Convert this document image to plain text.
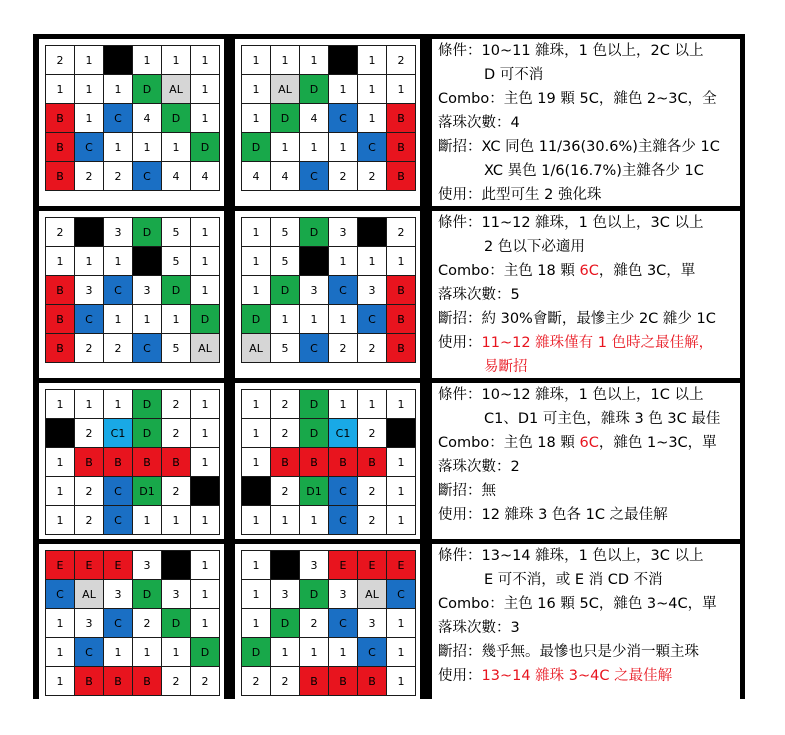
2	1	X	1	1	1
1	1	1	D	AL	1
B	1	C	4	D	1
B	C	1	1	1	D
B	2	2	C	4	4
1	1	1	X	1	2
1	AL	D	1	1	1
1	D	4	C	1	B
D	1	1	1	C	B
4	4	C	2	2	B
條件：10~11 雜珠，1 色以上，2C 以上
D 可不消
Combo：主色 19 顆 5C，雜色 2~3C，全
落珠次數：4
斷招：XC 同色 11/36(30.6%)主雜各少 1C
XC 異色 1/6(16.7%)主雜各少 1C
使用：此型可生 2 強化珠
2	X	3	D	5	1
1	1	1	Y	5	1
B	3	C	3	D	1
B	C	1	1	1	D
B	2	2	C	5	AL
1	5	D	3	X	2
1	5	Y	1	1	1
1	D	3	C	3	B
D	1	1	1	C	B
AL	5	C	2	2	B
條件：11~12 雜珠，1 色以上，3C 以上
2 色以下必適用
Combo：主色 18 顆 6C，雜色 3C，單
落珠次數：5
斷招：約 30%會斷，最慘主少 2C 雜少 1C
使用：11~12 雜珠僅有 1 色時之最佳解，
易斷招
1	1	1	D	2	1
X	2	C1	D	2	1
1	B	B	B	B	1
1	2	C	D1	2	X
1	2	C	1	1	1
1	2	D	1	1	1
1	2	D	C1	2	X
1	B	B	B	B	1
X	2	D1	C	2	1
1	1	1	C	2	1
條件：10~12 雜珠，1 色以上，1C 以上
C1、D1 可主色，雜珠 3 色 3C 最佳
Combo：主色 18 顆 6C，雜色 1~3C，單
落珠次數：2
斷招：無
使用：12 雜珠 3 色各 1C 之最佳解
E	E	E	3	X	1
C	AL	3	D	3	1
1	3	C	2	D	1
1	C	1	1	1	D
1	B	B	B	2	2
1	X	3	E	E	E
1	3	D	3	AL	C
1	D	2	C	3	1
D	1	1	1	C	1
2	2	B	B	B	1
條件：13~14 雜珠，1 色以上，3C 以上
E 可不消，或 E 消 CD 不消
Combo：主色 16 顆 5C，雜色 3~4C，單
落珠次數：3
斷招：幾乎無。最慘也只是少消一顆主珠
使用：13~14 雜珠 3~4C 之最佳解
